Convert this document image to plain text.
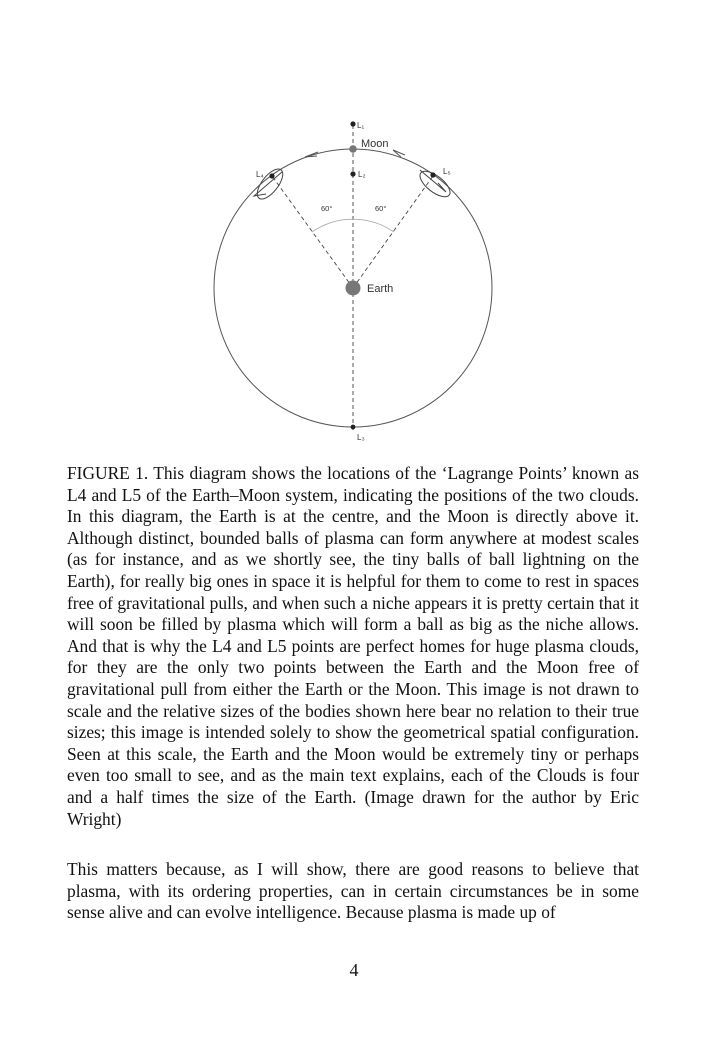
L₄	L₅
L₁
Moon
L₂
60°	60°
Earth
L₃

FIGURE 1. This diagram shows the locations of the ‘Lagrange Points’ known as L4 and L5 of the Earth–Moon system, indicating the positions of the two clouds. In this diagram, the Earth is at the centre, and the Moon is directly above it. Although distinct, bounded balls of plasma can form anywhere at modest scales (as for instance, and as we shortly see, the tiny balls of ball lightning on the Earth), for really big ones in space it is helpful for them to come to rest in spaces free of gravitational pulls, and when such a niche appears it is pretty certain that it will soon be filled by plasma which will form a ball as big as the niche allows. And that is why the L4 and L5 points are perfect homes for huge plasma clouds, for they are the only two points between the Earth and the Moon free of gravitational pull from either the Earth or the Moon. This image is not drawn to scale and the relative sizes of the bodies shown here bear no relation to their true sizes; this image is intended solely to show the geometrical spatial configuration. Seen at this scale, the Earth and the Moon would be extremely tiny or perhaps even too small to see, and as the main text explains, each of the Clouds is four and a half times the size of the Earth. (Image drawn for the author by Eric Wright)

This matters because, as I will show, there are good reasons to believe that plasma, with its ordering properties, can in certain circumstances be in some sense alive and can evolve intelligence. Because plasma is made up of

4
